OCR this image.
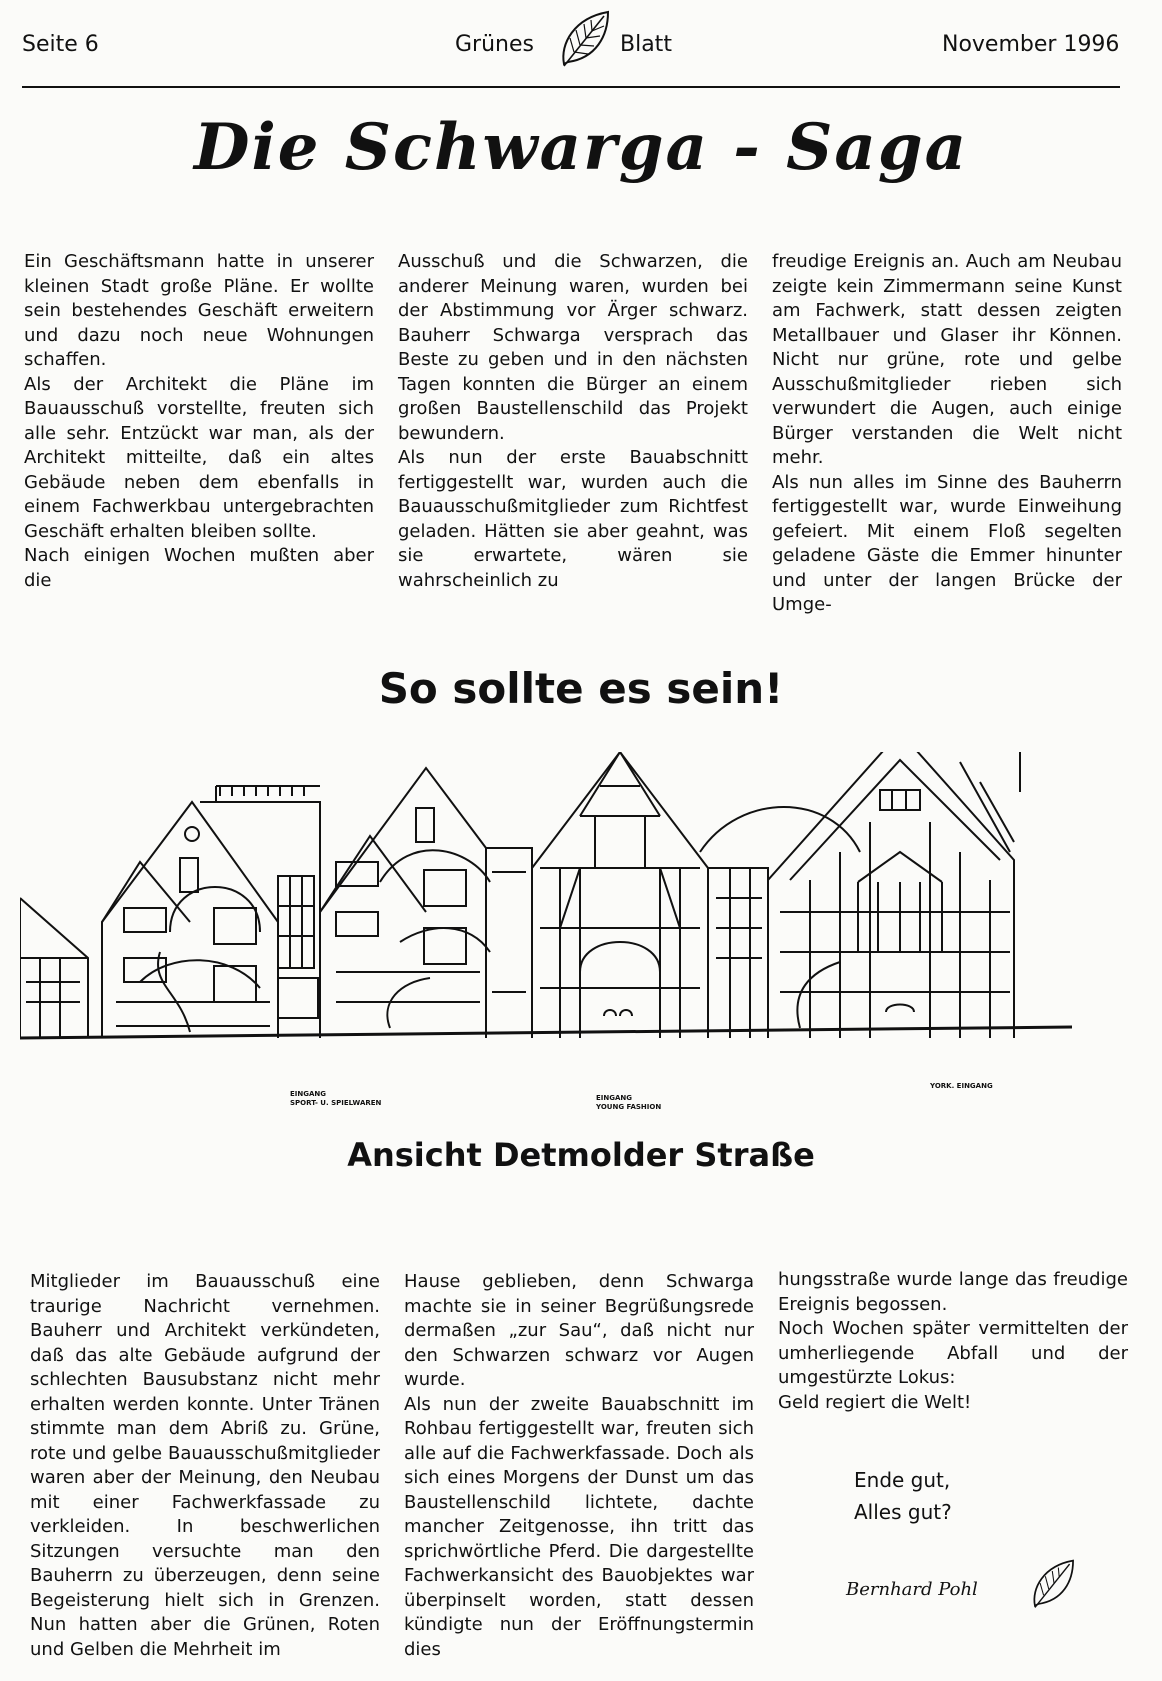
Seite 6	Grünes	Blatt	November 1996
Die Schwarga - Saga

Ein Geschäftsmann hatte in unserer kleinen Stadt große Pläne. Er wollte sein bestehendes Geschäft erweitern und dazu noch neue Wohnungen schaffen.

Als der Architekt die Pläne im Bauausschuß vorstellte, freuten sich alle sehr. Entzückt war man, als der Architekt mitteilte, daß ein altes Gebäude neben dem ebenfalls in einem Fachwerkbau untergebrachten Geschäft erhalten bleiben sollte.

Nach einigen Wochen mußten aber die

Ausschuß und die Schwarzen, die anderer Meinung waren, wurden bei der Abstimmung vor Ärger schwarz. Bauherr Schwarga versprach das Beste zu geben und in den nächsten Tagen konnten die Bürger an einem großen Baustellenschild das Projekt bewundern.

Als nun der erste Bauabschnitt fertiggestellt war, wurden auch die Bauausschußmitglieder zum Richtfest geladen. Hätten sie aber geahnt, was sie erwartete, wären sie wahrscheinlich zu

freudige Ereignis an. Auch am Neubau zeigte kein Zimmermann seine Kunst am Fachwerk, statt dessen zeigten Metallbauer und Glaser ihr Können. Nicht nur grüne, rote und gelbe Ausschußmitglieder rieben sich verwundert die Augen, auch einige Bürger verstanden die Welt nicht mehr.

Als nun alles im Sinne des Bauherrn fertiggestellt war, wurde Einweihung gefeiert. Mit einem Floß segelten geladene Gäste die Emmer hinunter und unter der langen Brücke der Umge-

So sollte es sein!
EINGANG
SPORT- U. SPIELWAREN
EINGANG
YOUNG FASHION
YORK. EINGANG
Ansicht Detmolder Straße

Mitglieder im Bauausschuß eine traurige Nachricht vernehmen. Bauherr und Architekt verkündeten, daß das alte Gebäude aufgrund der schlechten Bausubstanz nicht mehr erhalten werden konnte. Unter Tränen stimmte man dem Abriß zu. Grüne, rote und gelbe Bauausschußmitglieder waren aber der Meinung, den Neubau mit einer Fachwerkfassade zu verkleiden. In beschwerlichen Sitzungen versuchte man den Bauherrn zu überzeugen, denn seine Begeisterung hielt sich in Grenzen. Nun hatten aber die Grünen, Roten und Gelben die Mehrheit im

Hause geblieben, denn Schwarga machte sie in seiner Begrüßungsrede dermaßen „zur Sau“, daß nicht nur den Schwarzen schwarz vor Augen wurde.

Als nun der zweite Bauabschnitt im Rohbau fertiggestellt war, freuten sich alle auf die Fachwerkfassade. Doch als sich eines Morgens der Dunst um das Baustellenschild lichtete, dachte mancher Zeitgenosse, ihn tritt das sprichwörtliche Pferd. Die dargestellte Fachwerkansicht des Bauobjektes war überpinselt worden, statt dessen kündigte nun der Eröffnungstermin dies

hungsstraße wurde lange das freudige Ereignis begossen.

Noch Wochen später vermittelten der umherliegende Abfall und der umgestürzte Lokus:

Geld regiert die Welt!

Ende gut,
Alles gut?
Bernhard Pohl
